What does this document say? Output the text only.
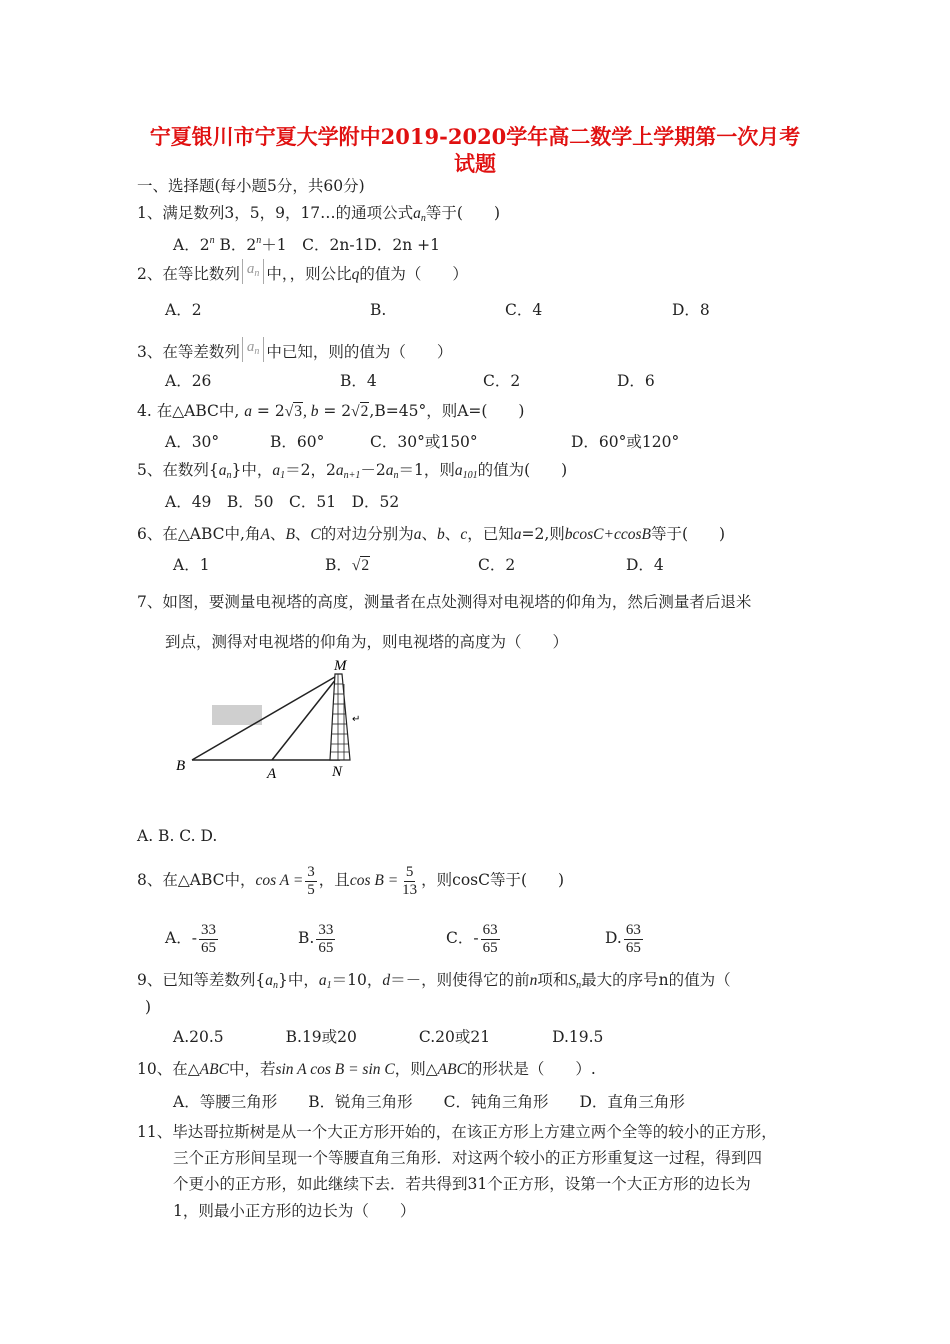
宁夏银川市宁夏大学附中2019-2020学年高二数学上学期第一次月考
试题
一、选择题(每小题5分，共60分)
1、满足数列3，5，9，17…的通项公式$a_n$等于(　　)
A．2$^n$ B．$2^n+1$　C．2n-1D．2n +1
2、在等比数列 $a_n$ 中，，则公比q的值为（　　）
A．2	B.	C．4	D．8
3、在等差数列 $a_n$ 中已知，则的值为（　　）
A．26	B．4	C．2	D．6
4. 在△ABC中, a = 2√3, b = 2√2,B=45°，则A=(　　)
A．30°	B．60°	C．30°或150°	D．60°或120°
5、在数列$\{a_n\}$中，$a_1=2$，$2a_{n+1}-2a_n=1$，则$a_{101}$的值为(　　)
A．49　B．50　C．51　D．52
6、在△ABC中,角A、B、C的对边分别为a、b、c，已知a=2,则bcosC+ccosB等于(　　)
A．1	B．√2	C．2	D．4
7、如图，要测量电视塔的高度，测量者在点处测得对电视塔的仰角为，然后测量者后退米
到点，测得对电视塔的仰角为，则电视塔的高度为（　　）
B	A	N
M
↵
A. B. C. D.
8、在△ABC中，$\cos A = \frac{3}{5}$ ，且$\cos B = \frac{5}{13}$ ，则cosC等于(　　)
A．- $\frac{33}{65}$	B. $\frac{33}{65}$	C．- $\frac{63}{65}$	D. $\frac{63}{65}$
9、已知等差数列$\{a_n\}$中，$a_1=10$，d＝－，则使得它的前n项和$S_n$最大的序号n的值为（
)
A.20.5　　　　B.19或20　　　　C.20或21　　　　D.19.5
10、在△ABC中，若sin A cos B = sin C，则△ABC的形状是（　　）.
A．等腰三角形　　B．锐角三角形　　C．钝角三角形　　D．直角三角形
11、毕达哥拉斯树是从一个大正方形开始的，在该正方形上方建立两个全等的较小的正方形，
三个正方形间呈现一个等腰直角三角形．对这两个较小的正方形重复这一过程，得到四
个更小的正方形，如此继续下去．若共得到31个正方形，设第一个大正方形的边长为
1，则最小正方形的边长为（　　）
